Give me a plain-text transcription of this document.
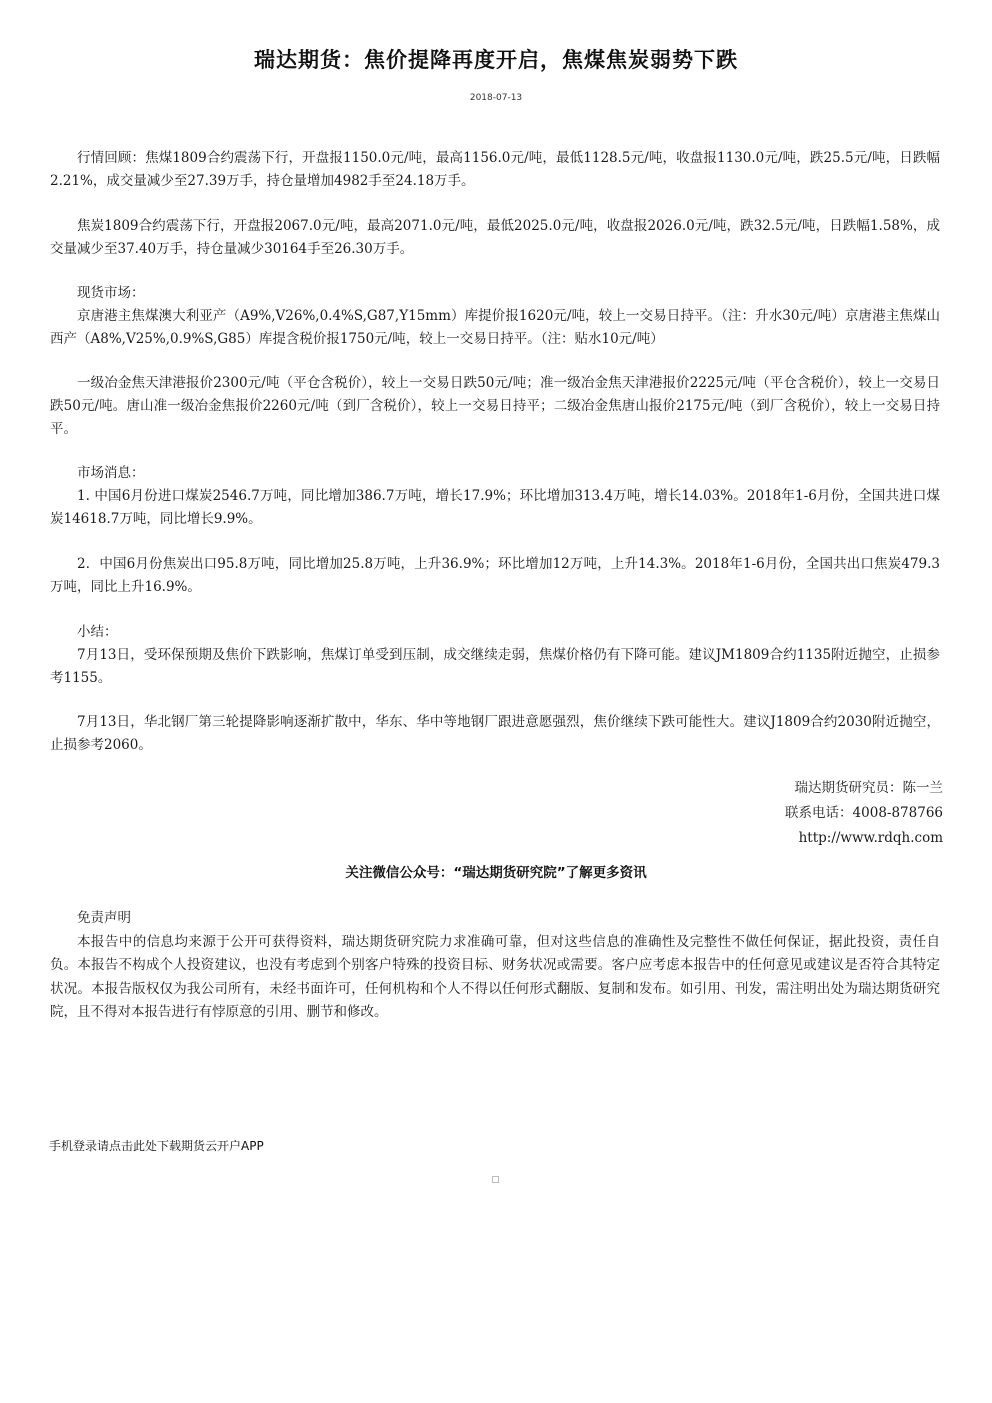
瑞达期货：焦价提降再度开启，焦煤焦炭弱势下跌
2018-07-13

行情回顾：焦煤1809合约震荡下行，开盘报1150.0元/吨，最高1156.0元/吨，最低1128.5元/吨，收盘报1130.0元/吨，跌25.5元/吨，日跌幅2.21%，成交量减少至27.39万手，持仓量增加4982手至24.18万手。

焦炭1809合约震荡下行，开盘报2067.0元/吨，最高2071.0元/吨，最低2025.0元/吨，收盘报2026.0元/吨，跌32.5元/吨，日跌幅1.58%，成交量减少至37.40万手，持仓量减少30164手至26.30万手。

现货市场：

京唐港主焦煤澳大利亚产（A9%,V26%,0.4%S,G87,Y15mm）库提价报1620元/吨，较上一交易日持平。（注：升水30元/吨）京唐港主焦煤山西产（A8%,V25%,0.9%S,G85）库提含税价报1750元/吨，较上一交易日持平。（注：贴水10元/吨）

一级冶金焦天津港报价2300元/吨（平仓含税价），较上一交易日跌50元/吨；准一级冶金焦天津港报价2225元/吨（平仓含税价），较上一交易日跌50元/吨。唐山准一级冶金焦报价2260元/吨（到厂含税价），较上一交易日持平；二级冶金焦唐山报价2175元/吨（到厂含税价），较上一交易日持平。

市场消息：

1. 中国6月份进口煤炭2546.7万吨，同比增加386.7万吨，增长17.9%；环比增加313.4万吨，增长14.03%。2018年1-6月份，全国共进口煤炭14618.7万吨，同比增长9.9%。

2．中国6月份焦炭出口95.8万吨，同比增加25.8万吨，上升36.9%；环比增加12万吨，上升14.3%。2018年1-6月份，全国共出口焦炭479.3万吨，同比上升16.9%。

小结：

7月13日，受环保预期及焦价下跌影响，焦煤订单受到压制，成交继续走弱，焦煤价格仍有下降可能。建议JM1809合约1135附近抛空，止损参考1155。

7月13日，华北钢厂第三轮提降影响逐渐扩散中，华东、华中等地钢厂跟进意愿强烈，焦价继续下跌可能性大。建议J1809合约2030附近抛空，止损参考2060。

瑞达期货研究员：陈一兰
联系电话：4008-878766
http://www.rdqh.com
关注微信公众号：“瑞达期货研究院”了解更多资讯

免责声明

本报告中的信息均来源于公开可获得资料，瑞达期货研究院力求准确可靠，但对这些信息的准确性及完整性不做任何保证，据此投资，责任自负。本报告不构成个人投资建议，也没有考虑到个别客户特殊的投资目标、财务状况或需要。客户应考虑本报告中的任何意见或建议是否符合其特定状况。本报告版权仅为我公司所有，未经书面许可，任何机构和个人不得以任何形式翻版、复制和发布。如引用、刊发，需注明出处为瑞达期货研究院，且不得对本报告进行有悖原意的引用、删节和修改。

手机登录请点击此处下载期货云开户APP
